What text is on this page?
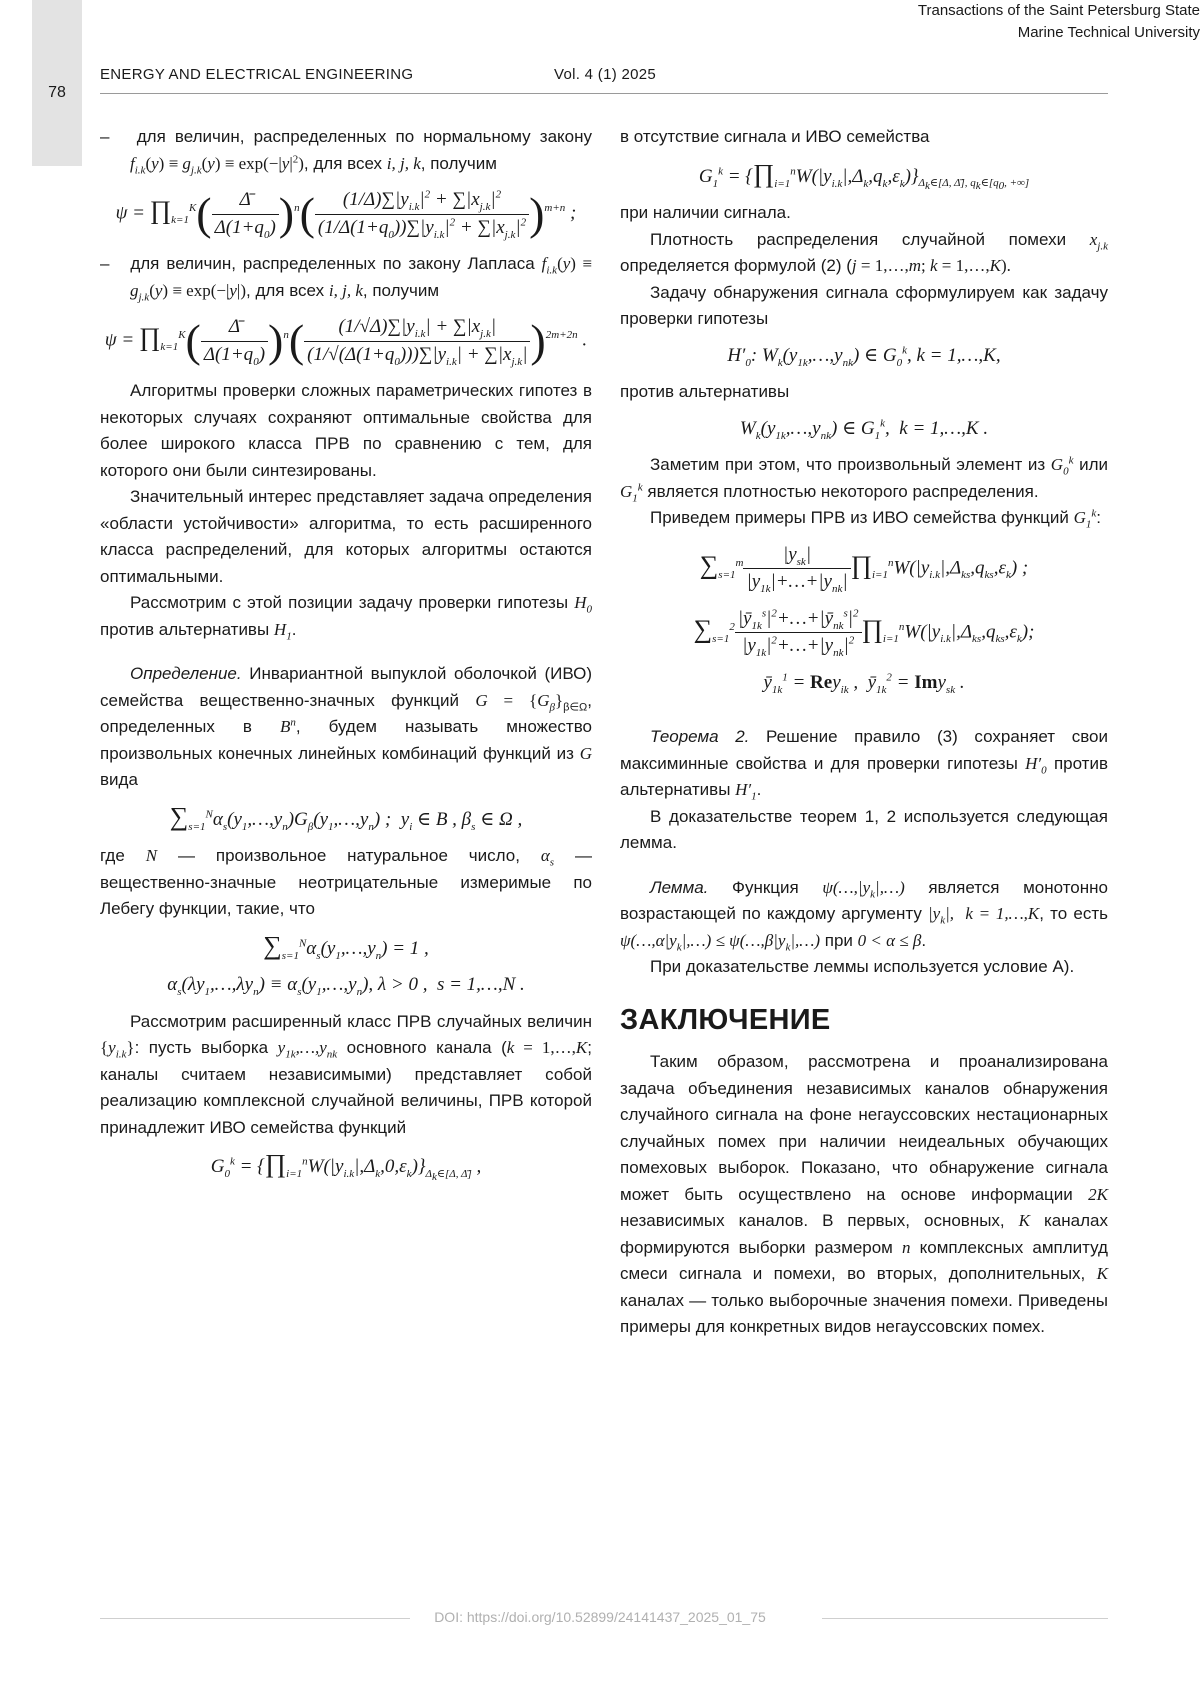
78
ENERGY AND ELECTRICAL ENGINEERING	Vol. 4 (1) 2025
Transactions of the Saint Petersburg State
Marine Technical University

–   для величин, распределенных по нормальному закону fi.k(y) ≡ gj.k(y) ≡ exp(−|y|2), для всех i, j, k, получим

ψ = ∏k=1K(	Δ̄
Δ(1+q0) )n(	(1/Δ)∑|yi.k|2 + ∑|xj.k|2
(1/Δ(1+q0))∑|yi.k|2 + ∑|xj.k|2 )m+n ;

–   для величин, распределенных по закону Лапласа fi.k(y) ≡ gj.k(y) ≡ exp(−|y|), для всех i, j, k, получим

ψ = ∏k=1K(	Δ̄
Δ(1+q0) )n(	(1/√Δ)∑|yi.k| + ∑|xj.k|
(1/√(Δ(1+q0)))∑|yi.k| + ∑|xj.k| )2m+2n .

Алгоритмы проверки сложных параметрических гипотез в некоторых случаях сохраняют оптимальные свойства для более широкого класса ПРВ по сравнению с тем, для которого они были синтезированы.

Значительный интерес представляет задача определения «области устойчивости» алгоритма, то есть расширенного класса распределений, для которых алгоритмы остаются оптимальными.

Рассмотрим с этой позиции задачу проверки гипотезы H0 против альтернативы H1.

Определение. Инвариантной выпуклой оболочкой (ИВО) семейства вещественно-значных функций G = {Gβ}β∈Ω, определенных в Bn, будем называть множество произвольных конечных линейных комбинаций функций из G вида

∑s=1Nαs(y1,…,yn)Gβ(y1,…,yn) ;  yi ∈ B , βs ∈ Ω ,

где N — произвольное натуральное число, αs — вещественно-значные неотрицательные измеримые по Лебегу функции, такие, что

∑s=1Nαs(y1,…,yn) = 1 ,
αs(λy1,…,λyn) ≡ αs(y1,…,yn), λ > 0 ,  s = 1,…,N .

Рассмотрим расширенный класс ПРВ случайных величин {yi.k}: пусть выборка y1k,…,ynk основного канала (k = 1,…,K; каналы считаем независимыми) представляет собой реализацию комплексной случайной величины, ПРВ которой принадлежит ИВО семейства функций

G0k = {∏i=1nW(|yi.k|,Δk,0,εk)}Δk∈[Δ, Δ̄] ,

в отсутствие сигнала и ИВО семейства

G1k = {∏i=1nW(|yi.k|,Δk,qk,εk)}Δk∈[Δ, Δ̄], qk∈[q0, +∞]

при наличии сигнала.

Плотность распределения случайной помехи xj.k определяется формулой (2) (j = 1,…,m; k = 1,…,K).

Задачу обнаружения сигнала сформулируем как задачу проверки гипотезы

H′0: Wk(y1k,…,ynk) ∈ G0k, k = 1,…,K,

против альтернативы

Wk(y1k,…,ynk) ∈ G1k,  k = 1,…,K .

Заметим при этом, что произвольный элемент из G0k или G1k является плотностью некоторого распределения.

Приведем примеры ПРВ из ИВО семейства функций G1k:

∑s=1m	|ysk|
|y1k|+…+|ynk|
∏i=1nW(|yi.k|,Δks,qks,εk) ;
∑s=12 |ȳ1ks|2+…+|ȳnks|2
|y1k|2+…+|ynk|2 ∏i=1nW(|yi.k|,Δks,qks,εk);
ȳ1k1 = Reyik ,  ȳ1k2 = Imysk .

Теорема 2. Решение правило (3) сохраняет свои максиминные свойства и для проверки гипотезы H′0 против альтернативы H′1.

В доказательстве теорем 1, 2 используется следующая лемма.

Лемма. Функция ψ(…,|yk|,…) является монотонно возрастающей по каждому аргументу |yk|,  k = 1,…,K, то есть ψ(…,α|yk|,…) ≤ ψ(…,β|yk|,…) при 0 < α ≤ β.

При доказательстве леммы используется условие А).

ЗАКЛЮЧЕНИЕ

Таким образом, рассмотрена и проанализирована задача объединения независимых каналов обнаружения случайного сигнала на фоне негауссовских нестационарных случайных помех при наличии неидеальных обучающих помеховых выборок. Показано, что обнаружение сигнала может быть осуществлено на основе информации 2K независимых каналов. В первых, основных, K каналах формируются выборки размером n комплексных амплитуд смеси сигнала и помехи, во вторых, дополнительных, K каналах — только выборочные значения помехи. Приведены примеры для конкретных видов негауссовских помех.

DOI: https://doi.org/10.52899/24141437_2025_01_75
